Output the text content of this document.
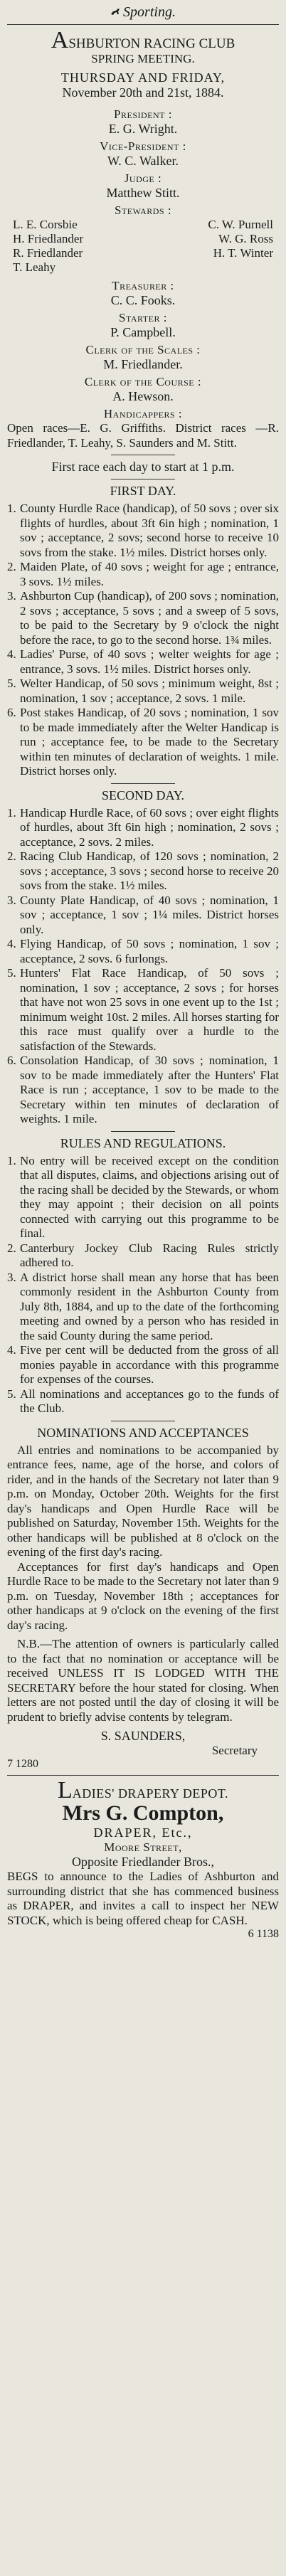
Sporting.
ASHBURTON RACING CLUB
SPRING MEETING.
THURSDAY AND FRIDAY,
November 20th and 21st, 1884.
President :
E. G. Wright.
Vice-President :
W. C. Walker.
Judge :
Matthew Stitt.
Stewards :
L. E. Corsbie	C. W. Purnell
H. Friedlander	W. G. Ross
R. Friedlander	H. T. Winter
T. Leahy
Treasurer :
C. C. Fooks.
Starter :
P. Campbell.
Clerk of the Scales :
M. Friedlander.
Clerk of the Course :
A. Hewson.
Handicappers :
Open races—E. G. Griffiths. District races —R. Friedlander, T. Leahy, S. Saunders and M. Stitt.
First race each day to start at 1 p.m.
FIRST DAY.
1. County Hurdle Race (handicap), of 50 sovs ; over six flights of hurdles, about 3ft 6in high ; nomination, 1 sov ; acceptance, 2 sovs; second horse to receive 10 sovs from the stake. 1½ miles. District horses only.
2. Maiden Plate, of 40 sovs ; weight for age ; entrance, 3 sovs. 1½ miles.
3. Ashburton Cup (handicap), of 200 sovs ; nomination, 2 sovs ; acceptance, 5 sovs ; and a sweep of 5 sovs, to be paid to the Secretary by 9 o'clock the night before the race, to go to the second horse. 1¾ miles.
4. Ladies' Purse, of 40 sovs ; welter weights for age ; entrance, 3 sovs. 1½ miles. District horses only.
5. Welter Handicap, of 50 sovs ; minimum weight, 8st ; nomination, 1 sov ; acceptance, 2 sovs. 1 mile.
6. Post stakes Handicap, of 20 sovs ; nomination, 1 sov to be made immediately after the Welter Handicap is run ; acceptance fee, to be made to the Secretary within ten minutes of declaration of weights. 1 mile. District horses only.
SECOND DAY.
1. Handicap Hurdle Race, of 60 sovs ; over eight flights of hurdles, about 3ft 6in high ; nomination, 2 sovs ; acceptance, 2 sovs. 2 miles.
2. Racing Club Handicap, of 120 sovs ; nomination, 2 sovs ; acceptance, 3 sovs ; second horse to receive 20 sovs from the stake. 1½ miles.
3. County Plate Handicap, of 40 sovs ; nomination, 1 sov ; acceptance, 1 sov ; 1¼ miles. District horses only.
4. Flying Handicap, of 50 sovs ; nomination, 1 sov ; acceptance, 2 sovs. 6 furlongs.
5. Hunters' Flat Race Handicap, of 50 sovs ; nomination, 1 sov ; acceptance, 2 sovs ; for horses that have not won 25 sovs in one event up to the 1st ; minimum weight 10st. 2 miles. All horses starting for this race must qualify over a hurdle to the satisfaction of the Stewards.
6. Consolation Handicap, of 30 sovs ; nomination, 1 sov to be made immediately after the Hunters' Flat Race is run ; acceptance, 1 sov to be made to the Secretary within ten minutes of declaration of weights. 1 mile.
RULES AND REGULATIONS.
1. No entry will be received except on the condition that all disputes, claims, and objections arising out of the racing shall be decided by the Stewards, or whom they may appoint ; their decision on all points connected with carrying out this programme to be final.
2. Canterbury Jockey Club Racing Rules strictly adhered to.
3. A district horse shall mean any horse that has been commonly resident in the Ashburton County from July 8th, 1884, and up to the date of the forthcoming meeting and owned by a person who has resided in the said County during the same period.
4. Five per cent will be deducted from the gross of all monies payable in accordance with this programme for expenses of the courses.
5. All nominations and acceptances go to the funds of the Club.
NOMINATIONS AND ACCEPTANCES
All entries and nominations to be accompanied by entrance fees, name, age of the horse, and colors of rider, and in the hands of the Secretary not later than 9 p.m. on Monday, October 20th. Weights for the first day's handicaps and Open Hurdle Race will be published on Saturday, November 15th. Weights for the other handicaps will be published at 8 o'clock on the evening of the first day's racing.
Acceptances for first day's handicaps and Open Hurdle Race to be made to the Secretary not later than 9 p.m. on Tuesday, November 18th ; acceptances for other handicaps at 9 o'clock on the evening of the first day's racing.
N.B.—The attention of owners is particularly called to the fact that no nomination or acceptance will be received UNLESS IT IS LODGED WITH THE SECRETARY before the hour stated for closing. When letters are not posted until the day of closing it will be prudent to briefly advise contents by telegram.
S. SAUNDERS,
Secretary
7 1280
LADIES' DRAPERY DEPOT.
Mrs G. Compton,
DRAPER, Etc.,
Moore Street,
Opposite Friedlander Bros.,
BEGS to announce to the Ladies of Ashburton and surrounding district that she has commenced business as DRAPER, and invites a call to inspect her NEW STOCK, which is being offered cheap for CASH.
6 1138
